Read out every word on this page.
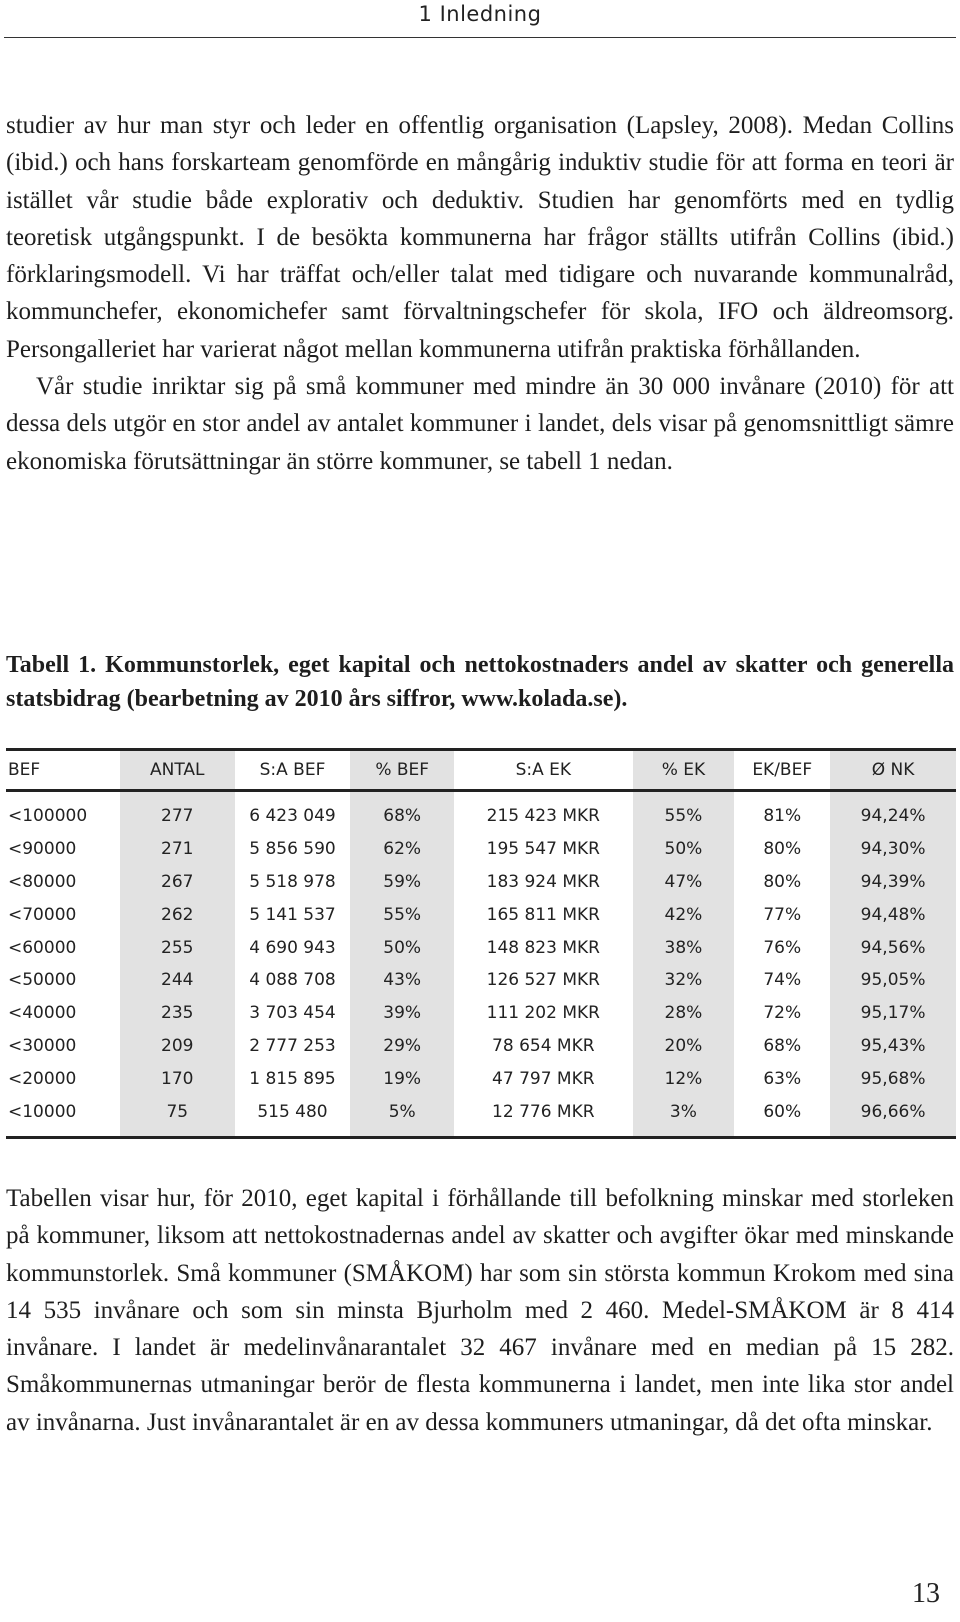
1 Inledning

studier av hur man styr och leder en offentlig organisation (Lapsley, 2008). Medan Collins (ibid.) och hans forskarteam genomförde en mångårig induktiv studie för att forma en teori är istället vår studie både explorativ och deduktiv. Studien har genomförts med en tydlig teoretisk utgångspunkt. I de besökta kommunerna har frågor ställts utifrån Collins (ibid.) förklaringsmodell. Vi har träffat och/eller talat med tidigare och nuvarande kommunalråd, kommunchefer, ekonomichefer samt förvaltningschefer för skola, IFO och äldreomsorg. Persongalleriet har varierat något mellan kommunerna utifrån praktiska förhållanden.

Vår studie inriktar sig på små kommuner med mindre än 30 000 invånare (2010) för att dessa dels utgör en stor andel av antalet kommuner i landet, dels visar på genomsnittligt sämre ekonomiska förutsättningar än större kommuner, se tabell 1 nedan.

Tabell 1. Kommunstorlek, eget kapital och nettokostnaders andel av skatter och generella statsbidrag (bearbetning av 2010 års siffror, www.kolada.se).

BEF	ANTAL	S:A BEF	% BEF	S:A EK	% EK	EK/BEF	Ø NK
<100000	277	6 423 049	68%	215 423 MKR	55%	81%	94,24%
<90000	271	5 856 590	62%	195 547 MKR	50%	80%	94,30%
<80000	267	5 518 978	59%	183 924 MKR	47%	80%	94,39%
<70000	262	5 141 537	55%	165 811 MKR	42%	77%	94,48%
<60000	255	4 690 943	50%	148 823 MKR	38%	76%	94,56%
<50000	244	4 088 708	43%	126 527 MKR	32%	74%	95,05%
<40000	235	3 703 454	39%	111 202 MKR	28%	72%	95,17%
<30000	209	2 777 253	29%	78 654 MKR	20%	68%	95,43%
<20000	170	1 815 895	19%	47 797 MKR	12%	63%	95,68%
<10000	75	515 480	5%	12 776 MKR	3%	60%	96,66%

Tabellen visar hur, för 2010, eget kapital i förhållande till befolkning minskar med storleken på kommuner, liksom att nettokostnadernas andel av skatter och avgifter ökar med minskande kommunstorlek. Små kommuner (SMÅKOM) har som sin största kommun Krokom med sina 14 535 invånare och som sin minsta Bjurholm med 2 460. Medel-SMÅKOM är 8 414 invånare. I landet är medelinvånarantalet 32 467 invånare med en median på 15 282. Småkommunernas utmaningar berör de flesta kommunerna i landet, men inte lika stor andel av invånarna. Just invånarantalet är en av dessa kommuners utmaningar, då det ofta minskar.

13
